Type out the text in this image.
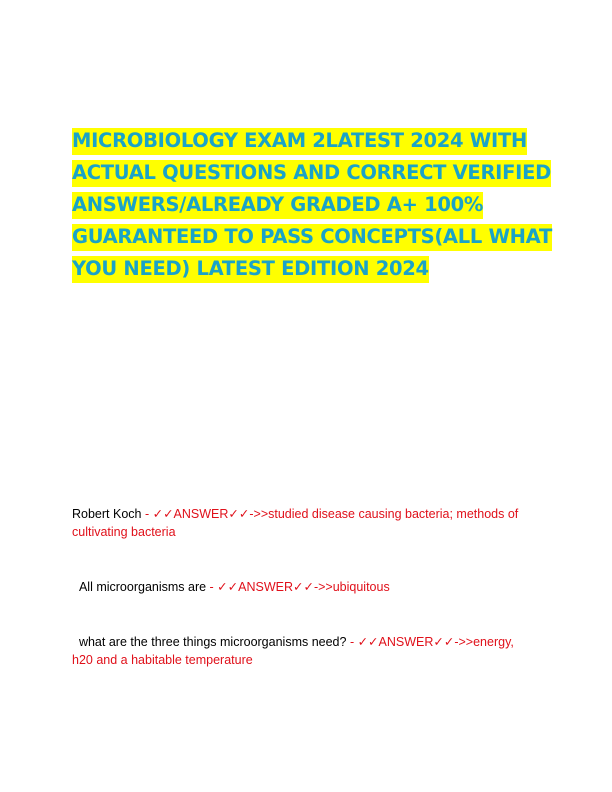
MICROBIOLOGY EXAM 2LATEST 2024 WITH
ACTUAL QUESTIONS AND CORRECT VERIFIED
ANSWERS/ALREADY GRADED A+ 100%
GUARANTEED TO PASS CONCEPTS(ALL WHAT
YOU NEED) LATEST EDITION 2024
Robert Koch - ✓✓ANSWER✓✓->>studied disease causing bacteria; methods of cultivating bacteria
All microorganisms are - ✓✓ANSWER✓✓->>ubiquitous
what are the three things microorganisms need? - ✓✓ANSWER✓✓->>energy, h20 and a habitable temperature
